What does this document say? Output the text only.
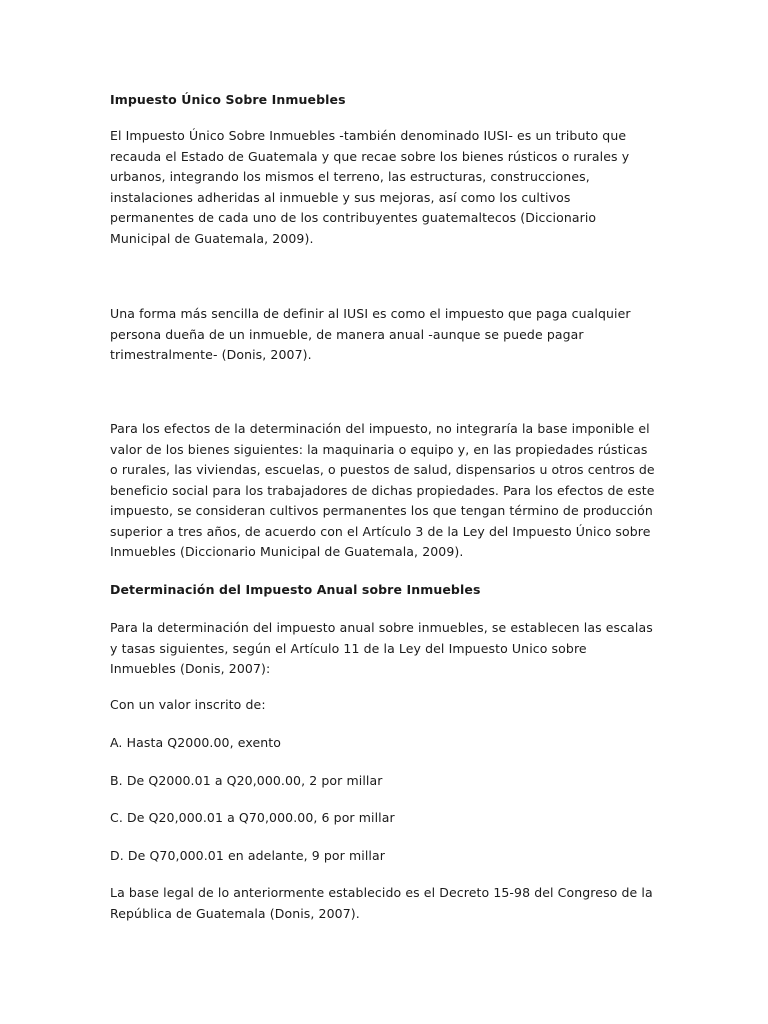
Impuesto Único Sobre Inmuebles

El Impuesto Único Sobre Inmuebles -también denominado IUSI- es un tributo que recauda el Estado de Guatemala y que recae sobre los bienes rústicos o rurales y urbanos, integrando los mismos el terreno, las estructuras, construcciones, instalaciones adheridas al inmueble y sus mejoras, así como los cultivos permanentes de cada uno de los contribuyentes guatemaltecos (Diccionario Municipal de Guatemala, 2009).

Una forma más sencilla de definir al IUSI es como el impuesto que paga cualquier persona dueña de un inmueble, de manera anual -aunque se puede pagar trimestralmente- (Donis, 2007).

Para los efectos de la determinación del impuesto, no integraría la base imponible el valor de los bienes siguientes: la maquinaria o equipo y, en las propiedades rústicas o rurales, las viviendas, escuelas, o puestos de salud, dispensarios u otros centros de beneficio social para los trabajadores de dichas propiedades. Para los efectos de este impuesto, se consideran cultivos permanentes los que tengan término de producción superior a tres años, de acuerdo con el Artículo 3 de la Ley del Impuesto Único sobre Inmuebles (Diccionario Municipal de Guatemala, 2009).

Determinación del Impuesto Anual sobre Inmuebles

Para la determinación del impuesto anual sobre inmuebles, se establecen las escalas y tasas siguientes, según el Artículo 11 de la Ley del Impuesto Unico sobre Inmuebles (Donis, 2007):

Con un valor inscrito de:

A. Hasta Q2000.00, exento

B. De Q2000.01 a Q20,000.00, 2 por millar

C. De Q20,000.01 a Q70,000.00, 6 por millar

D. De Q70,000.01 en adelante, 9 por millar

La base legal de lo anteriormente establecido es el Decreto 15-98 del Congreso de la República de Guatemala (Donis, 2007).
